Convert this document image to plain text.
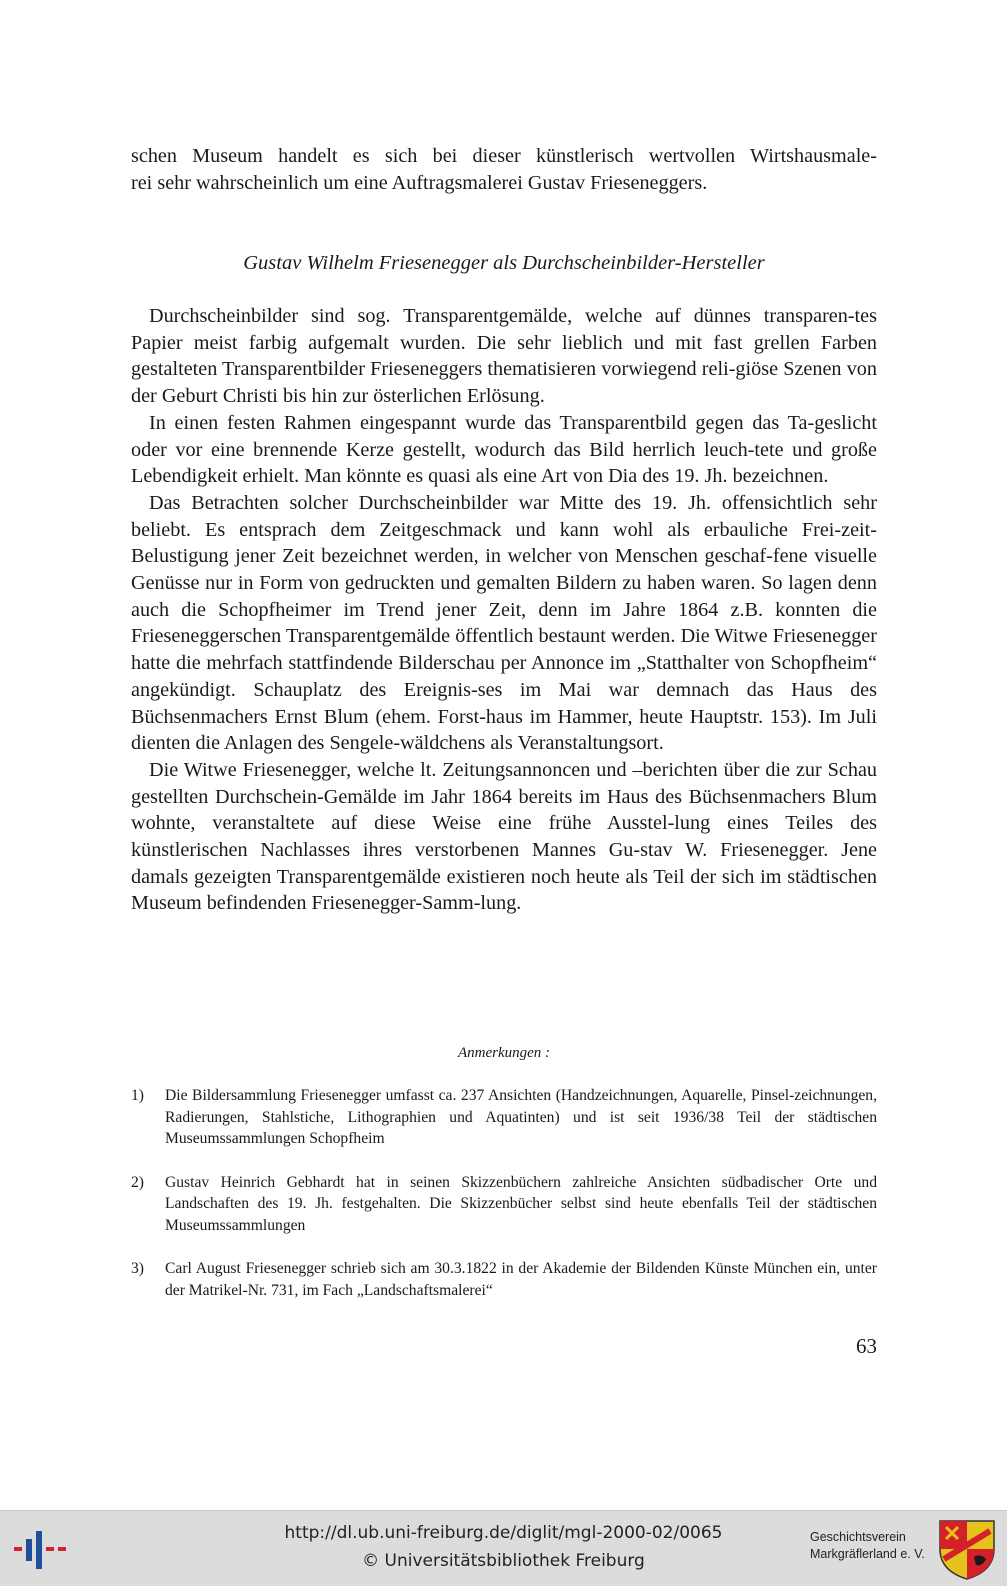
schen Museum handelt es sich bei dieser künstlerisch wertvollen Wirtshausmale-
rei sehr wahrscheinlich um eine Auftragsmalerei Gustav Frieseneggers.
Gustav Wilhelm Friesenegger als Durchscheinbilder-Hersteller

Durchscheinbilder sind sog. Transparentgemälde, welche auf dünnes transparen-tes Papier meist farbig aufgemalt wurden. Die sehr lieblich und mit fast grellen Farben gestalteten Transparentbilder Frieseneggers thematisieren vorwiegend reli-giöse Szenen von der Geburt Christi bis hin zur österlichen Erlösung.

In einen festen Rahmen eingespannt wurde das Transparentbild gegen das Ta-geslicht oder vor eine brennende Kerze gestellt, wodurch das Bild herrlich leuch-tete und große Lebendigkeit erhielt. Man könnte es quasi als eine Art von Dia des 19. Jh. bezeichnen.

Das Betrachten solcher Durchscheinbilder war Mitte des 19. Jh. offensichtlich sehr beliebt. Es entsprach dem Zeitgeschmack und kann wohl als erbauliche Frei-zeit-Belustigung jener Zeit bezeichnet werden, in welcher von Menschen geschaf-fene visuelle Genüsse nur in Form von gedruckten und gemalten Bildern zu haben waren. So lagen denn auch die Schopfheimer im Trend jener Zeit, denn im Jahre 1864 z.B. konnten die Frieseneggerschen Transparentgemälde öffentlich bestaunt werden. Die Witwe Friesenegger hatte die mehrfach stattfindende Bilderschau per Annonce im „Statthalter von Schopfheim“ angekündigt. Schauplatz des Ereignis-ses im Mai war demnach das Haus des Büchsenmachers Ernst Blum (ehem. Forst-haus im Hammer, heute Hauptstr. 153). Im Juli dienten die Anlagen des Sengele-wäldchens als Veranstaltungsort.

Die Witwe Friesenegger, welche lt. Zeitungsannoncen und –berichten über die zur Schau gestellten Durchschein-Gemälde im Jahr 1864 bereits im Haus des Büchsenmachers Blum wohnte, veranstaltete auf diese Weise eine frühe Ausstel-lung eines Teiles des künstlerischen Nachlasses ihres verstorbenen Mannes Gu-stav W. Friesenegger. Jene damals gezeigten Transparentgemälde existieren noch heute als Teil der sich im städtischen Museum befindenden Friesenegger-Samm-lung.

Anmerkungen :
1)	Die Bildersammlung Friesenegger umfasst ca. 237 Ansichten (Handzeichnungen, Aquarelle, Pinsel-zeichnungen, Radierungen, Stahlstiche, Lithographien und Aquatinten) und ist seit 1936/38 Teil der städtischen Museumssammlungen Schopfheim
2)	Gustav Heinrich Gebhardt hat in seinen Skizzenbüchern zahlreiche Ansichten südbadischer Orte und Landschaften des 19. Jh. festgehalten. Die Skizzenbücher selbst sind heute ebenfalls Teil der städtischen Museumssammlungen
3)	Carl August Friesenegger schrieb sich am 30.3.1822 in der Akademie der Bildenden Künste München ein, unter der Matrikel-Nr. 731, im Fach „Landschaftsmalerei“
63
http://dl.ub.uni-freiburg.de/diglit/mgl-2000-02/0065
© Universitätsbibliothek Freiburg
Geschichtsverein
Markgräflerland e. V.
